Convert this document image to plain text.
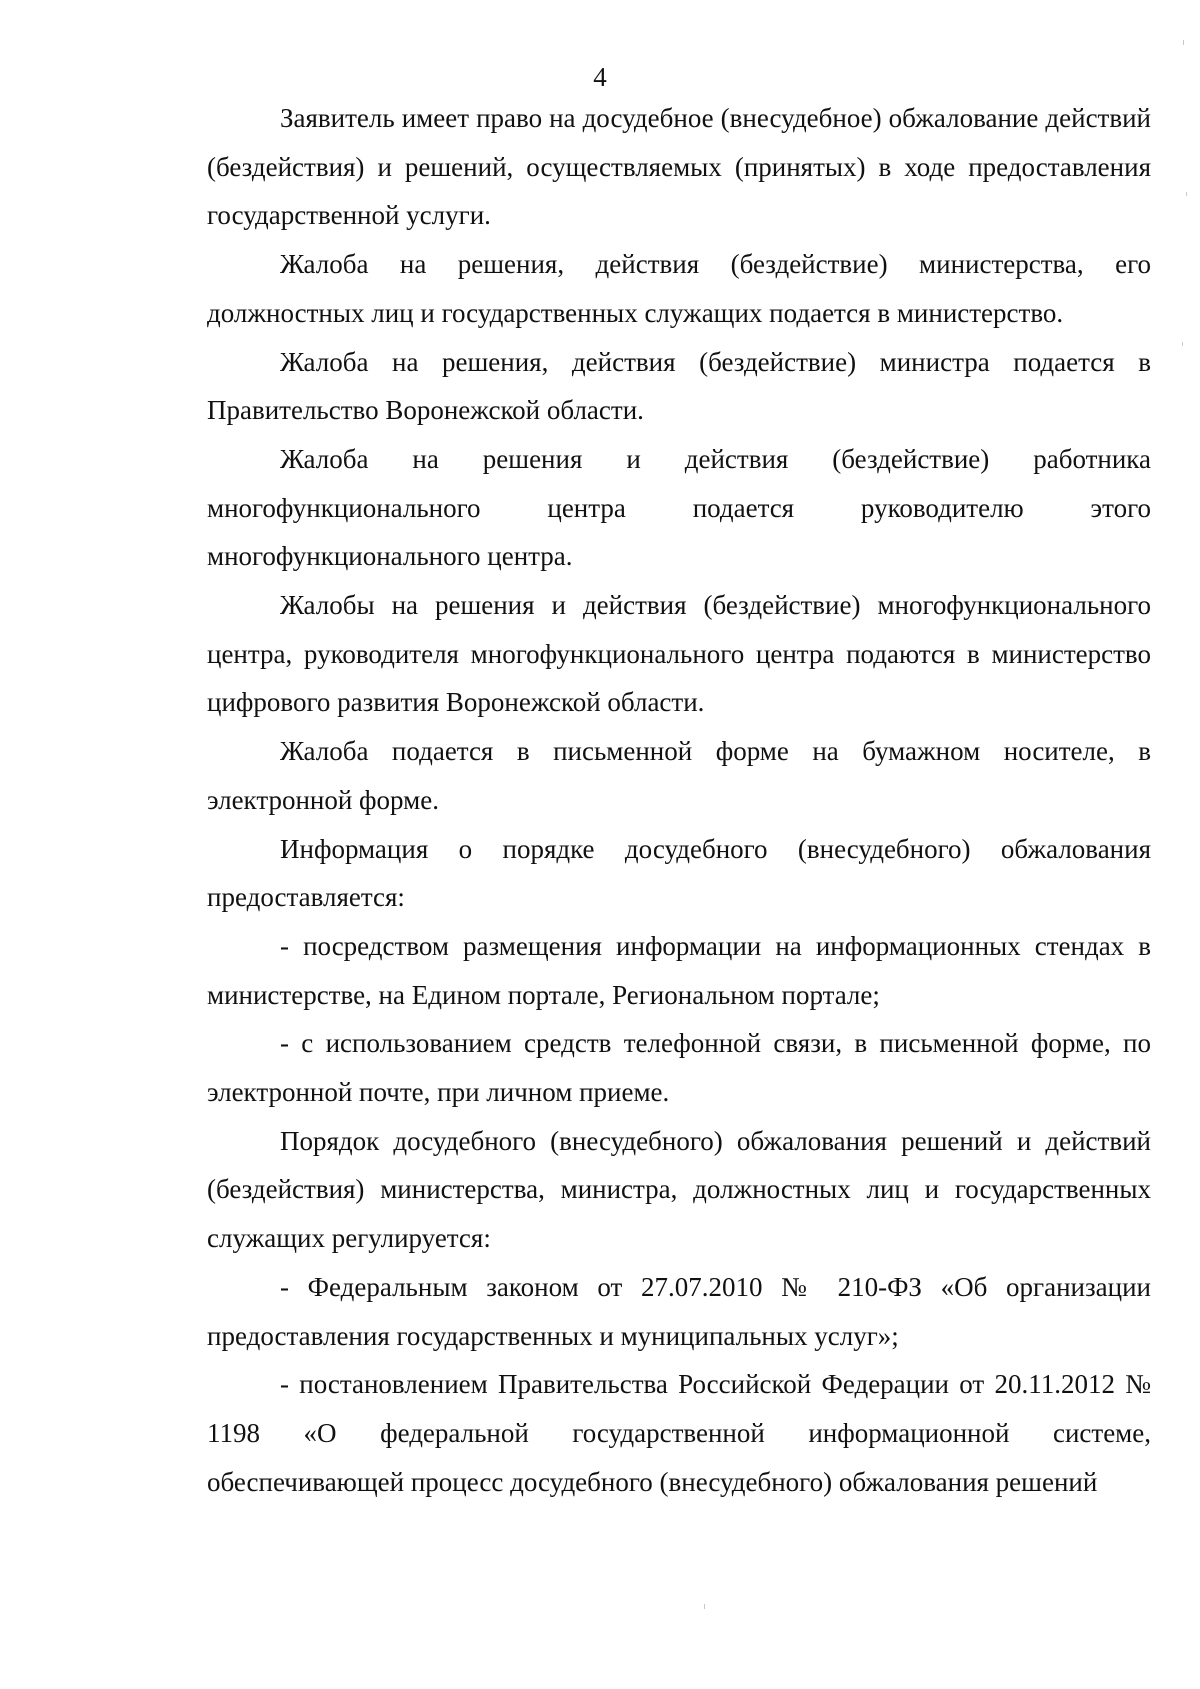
4

Заявитель имеет право на досудебное (внесудебное) обжалование действий (бездействия) и решений, осуществляемых (принятых) в ходе предоставления государственной услуги.

Жалоба на решения, действия (бездействие) министерства, его должностных лиц и государственных служащих подается в министерство.

Жалоба на решения, действия (бездействие) министра подается в Правительство Воронежской области.

Жалоба на решения и действия (бездействие) работника многофункционального центра подается руководителю этого многофункционального центра.

Жалобы на решения и действия (бездействие) многофункционального центра, руководителя многофункционального центра подаются в министерство цифрового развития Воронежской области.

Жалоба подается в письменной форме на бумажном носителе, в электронной форме.

Информация о порядке досудебного (внесудебного) обжалования предоставляется:

- посредством размещения информации на информационных стендах в министерстве, на Едином портале, Региональном портале;

- с использованием средств телефонной связи, в письменной форме, по электронной почте, при личном приеме.

Порядок досудебного (внесудебного) обжалования решений и действий (бездействия) министерства, министра, должностных лиц и государственных служащих регулируется:

- Федеральным законом от 27.07.2010 № 210-ФЗ «Об организации предоставления государственных и муниципальных услуг»;

- постановлением Правительства Российской Федерации от 20.11.2012 № 1198 «О федеральной государственной информационной системе, обеспечивающей процесс досудебного (внесудебного) обжалования решений
